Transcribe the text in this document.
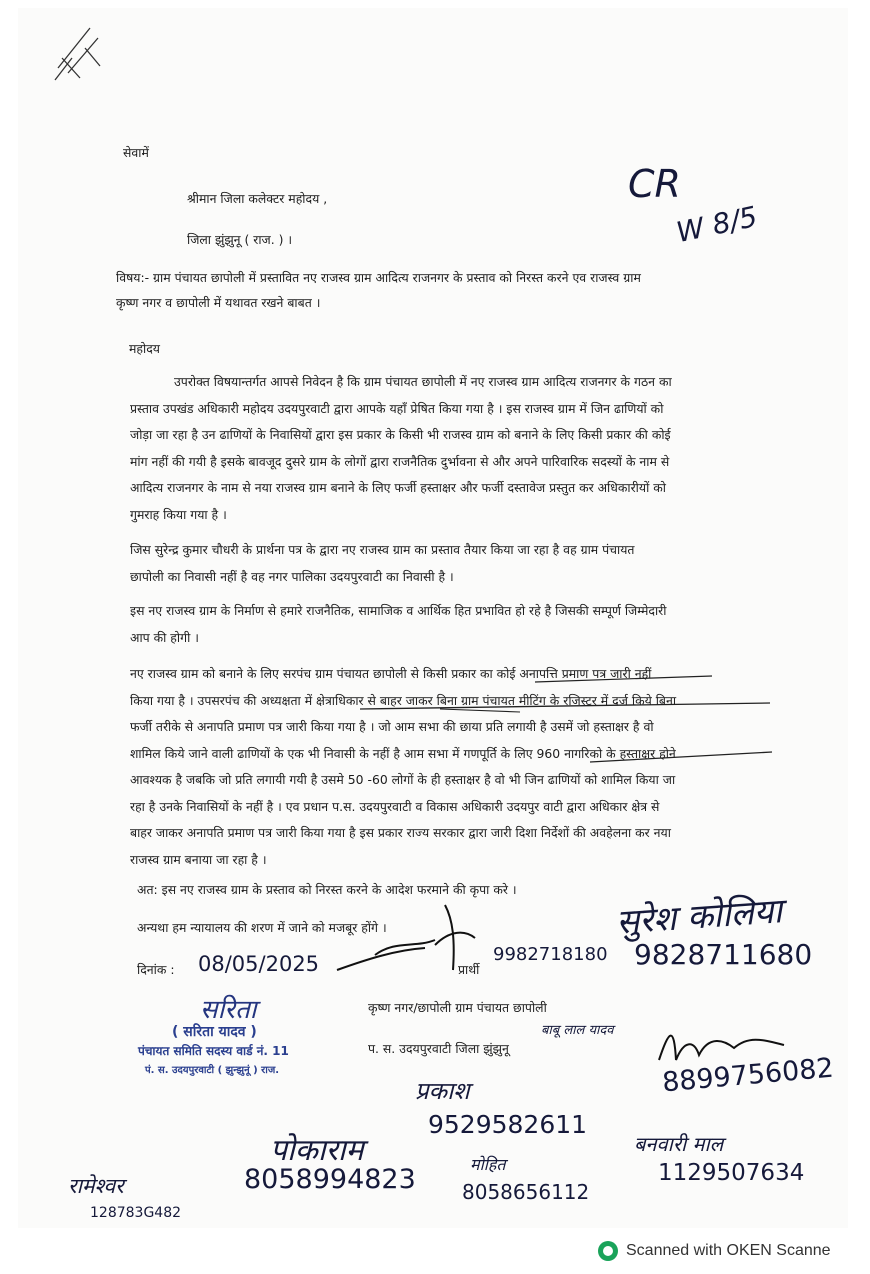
सेवामें
श्रीमान जिला कलेक्टर महोदय ,
जिला झुंझुनू ( राज. ) ।
CR
W 8/5
विषय:- ग्राम पंचायत छापोली में प्रस्तावित नए राजस्व ग्राम आदित्य राजनगर के प्रस्ताव को निरस्त करने एव राजस्व ग्राम
कृष्ण नगर व छापोली में यथावत रखने बाबत ।
महोदय
उपरोक्त विषयान्तर्गत आपसे निवेदन है कि ग्राम पंचायत छापोली में नए राजस्व ग्राम आदित्य राजनगर के गठन का
प्रस्ताव उपखंड अधिकारी महोदय उदयपुरवाटी द्वारा आपके यहाँ प्रेषित किया गया है । इस राजस्व ग्राम में जिन ढाणियों को
जोड़ा जा रहा है उन ढाणियों के निवासियों द्वारा इस प्रकार के किसी भी राजस्व ग्राम को बनाने के लिए किसी प्रकार की कोई
मांग नहीं की गयी है इसके बावजूद दुसरे ग्राम के लोगों द्वारा राजनैतिक दुर्भावना से और अपने पारिवारिक सदस्यों के नाम से
आदित्य राजनगर के नाम से नया राजस्व ग्राम बनाने के लिए फर्जी हस्ताक्षर और फर्जी दस्तावेज प्रस्तुत कर अधिकारीयों को
गुमराह किया गया है ।
जिस सुरेन्द्र कुमार चौधरी के प्रार्थना पत्र के द्वारा नए राजस्व ग्राम का प्रस्ताव तैयार किया जा रहा है वह ग्राम पंचायत
छापोली का निवासी नहीं है वह नगर पालिका उदयपुरवाटी का निवासी है ।
इस नए राजस्व ग्राम के निर्माण से हमारे राजनैतिक, सामाजिक व आर्थिक हित प्रभावित हो रहे है जिसकी सम्पूर्ण जिम्मेदारी
आप की होगी ।
नए राजस्व ग्राम को बनाने के लिए सरपंच ग्राम पंचायत छापोली से किसी प्रकार का कोई अनापत्ति प्रमाण पत्र जारी नहीं
किया गया है । उपसरपंच की अध्यक्षता में क्षेत्राधिकार से बाहर जाकर बिना ग्राम पंचायत मीटिंग के रजिस्टर में दर्ज किये बिना
फर्जी तरीके से अनापति प्रमाण पत्र जारी किया गया है । जो आम सभा की छाया प्रति लगायी है उसमें जो हस्ताक्षर है वो
शामिल किये जाने वाली ढाणियों के एक भी निवासी के नहीं है आम सभा में गणपूर्ति के लिए 960 नागरिको के हस्ताक्षर होने
आवश्यक है जबकि जो प्रति लगायी गयी है उसमे 50 -60 लोगों के ही हस्ताक्षर है वो भी जिन ढाणियों को शामिल किया जा
रहा है उनके निवासियों के नहीं है । एव प्रधान प.स. उदयपुरवाटी व विकास अधिकारी उदयपुर वाटी द्वारा अधिकार क्षेत्र से
बाहर जाकर अनापति प्रमाण पत्र जारी किया गया है इस प्रकार राज्य सरकार द्वारा जारी दिशा निर्देशों की अवहेलना कर नया
राजस्व ग्राम बनाया जा रहा है ।
अत: इस नए राजस्व ग्राम के प्रस्ताव को निरस्त करने के आदेश फरमाने की कृपा करे ।
अन्यथा हम न्यायालय की शरण में जाने को मजबूर होंगे ।
दिनांक : 08/05/2025	प्रार्थी
9982718180
सुरेश कोलिया
9828711680
कृष्ण नगर/छापोली ग्राम पंचायत छापोली
प. स. उदयपुरवाटी जिला झुंझुनू
बाबू लाल यादव
8899756082
सरिता
( सरिता यादव )
पंचायत समिति सदस्य वार्ड नं. 11
पं. स. उदयपुरवाटी ( झुन्झुनूं ) राज.
प्रकाश
9529582611
बनवारी माल
1129507634
पोकाराम
8058994823	मोहित
8058656112
रामेश्वर
128783G482
Scanned with OKEN Scanne
